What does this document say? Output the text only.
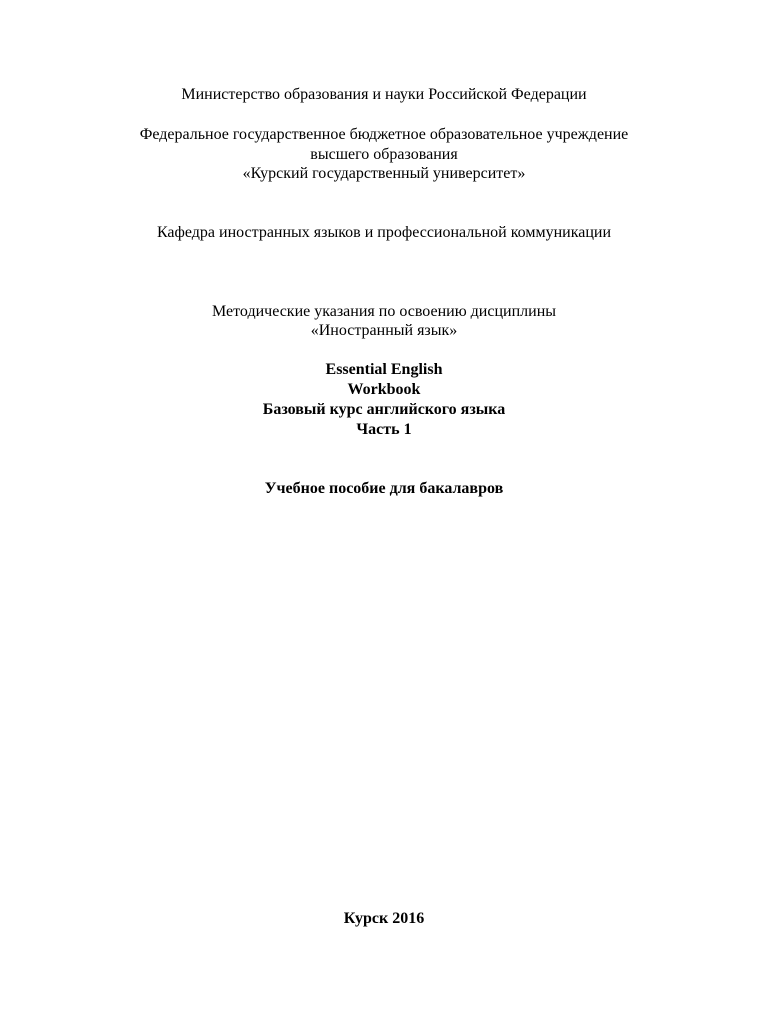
Министерство образования и науки Российской Федерации
Федеральное государственное бюджетное образовательное учреждение
высшего образования
«Курский государственный университет»
Кафедра иностранных языков и профессиональной коммуникации
Методические указания по освоению дисциплины
«Иностранный язык»
Essential English
Workbook
Базовый курс английского языка
Часть 1
Учебное пособие для бакалавров
Курск 2016
